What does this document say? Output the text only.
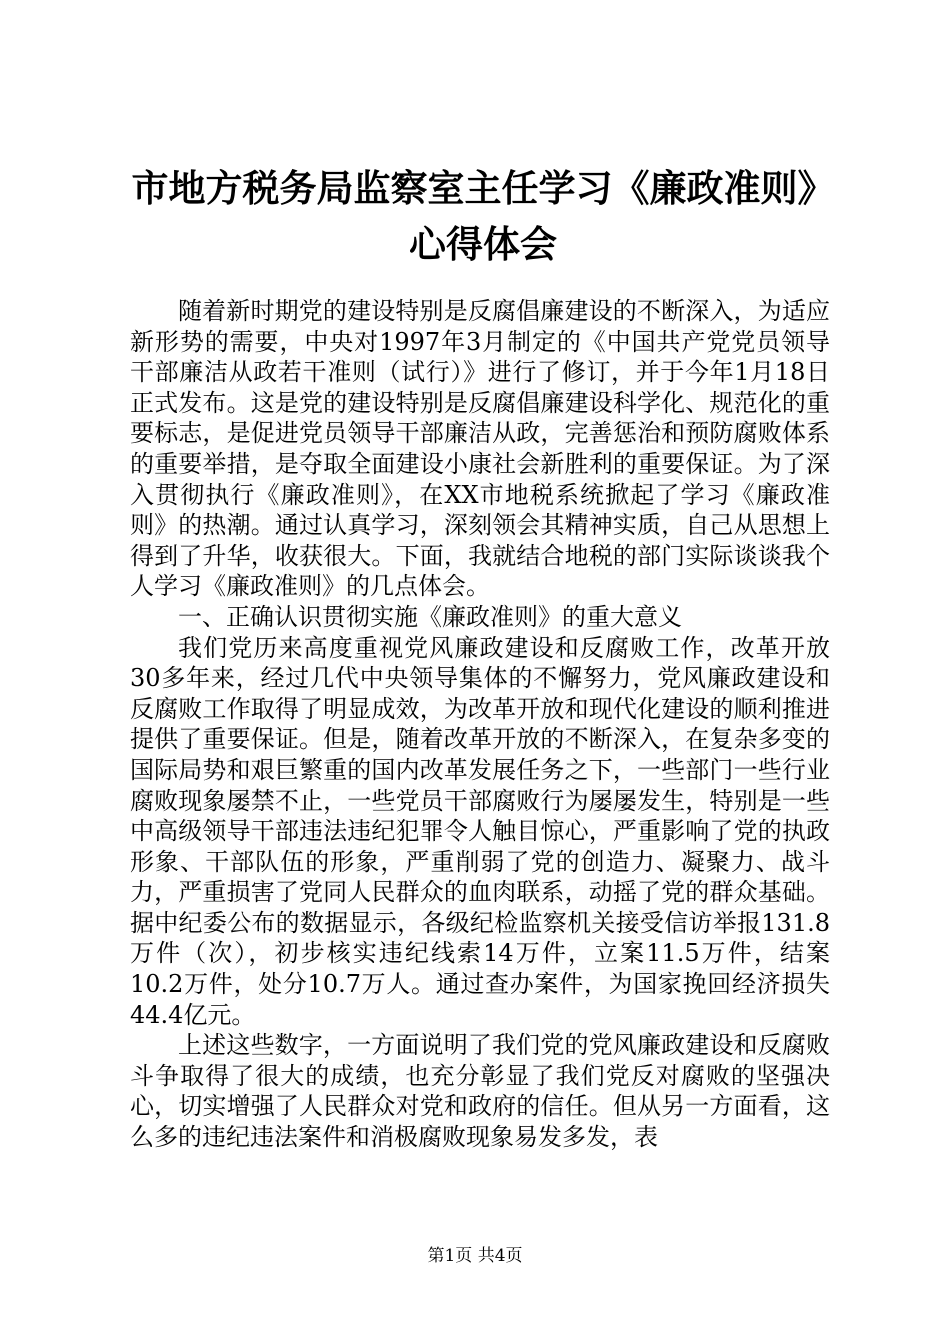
市地方税务局监察室主任学习《廉政准则》心得体会

随着新时期党的建设特别是反腐倡廉建设的不断深入，为适应新形势的需要，中央对1997年3月制定的《中国共产党党员领导干部廉洁从政若干准则（试行）》进行了修订，并于今年1月18日正式发布。这是党的建设特别是反腐倡廉建设科学化、规范化的重要标志，是促进党员领导干部廉洁从政，完善惩治和预防腐败体系的重要举措，是夺取全面建设小康社会新胜利的重要保证。为了深入贯彻执行《廉政准则》，在XX市地税系统掀起了学习《廉政准则》的热潮。通过认真学习，深刻领会其精神实质，自己从思想上得到了升华，收获很大。下面，我就结合地税的部门实际谈谈我个人学习《廉政准则》的几点体会。

一、正确认识贯彻实施《廉政准则》的重大意义

我们党历来高度重视党风廉政建设和反腐败工作，改革开放30多年来，经过几代中央领导集体的不懈努力，党风廉政建设和反腐败工作取得了明显成效，为改革开放和现代化建设的顺利推进提供了重要保证。但是，随着改革开放的不断深入，在复杂多变的国际局势和艰巨繁重的国内改革发展任务之下，一些部门一些行业腐败现象屡禁不止，一些党员干部腐败行为屡屡发生，特别是一些中高级领导干部违法违纪犯罪令人触目惊心，严重影响了党的执政形象、干部队伍的形象，严重削弱了党的创造力、凝聚力、战斗力，严重损害了党同人民群众的血肉联系，动摇了党的群众基础。据中纪委公布的数据显示，各级纪检监察机关接受信访举报131.8万件（次），初步核实违纪线索14万件，立案11.5万件，结案10.2万件，处分10.7万人。通过查办案件，为国家挽回经济损失44.4亿元。

上述这些数字，一方面说明了我们党的党风廉政建设和反腐败斗争取得了很大的成绩，也充分彰显了我们党反对腐败的坚强决心，切实增强了人民群众对党和政府的信任。但从另一方面看，这么多的违纪违法案件和消极腐败现象易发多发，表

第1页 共4页
